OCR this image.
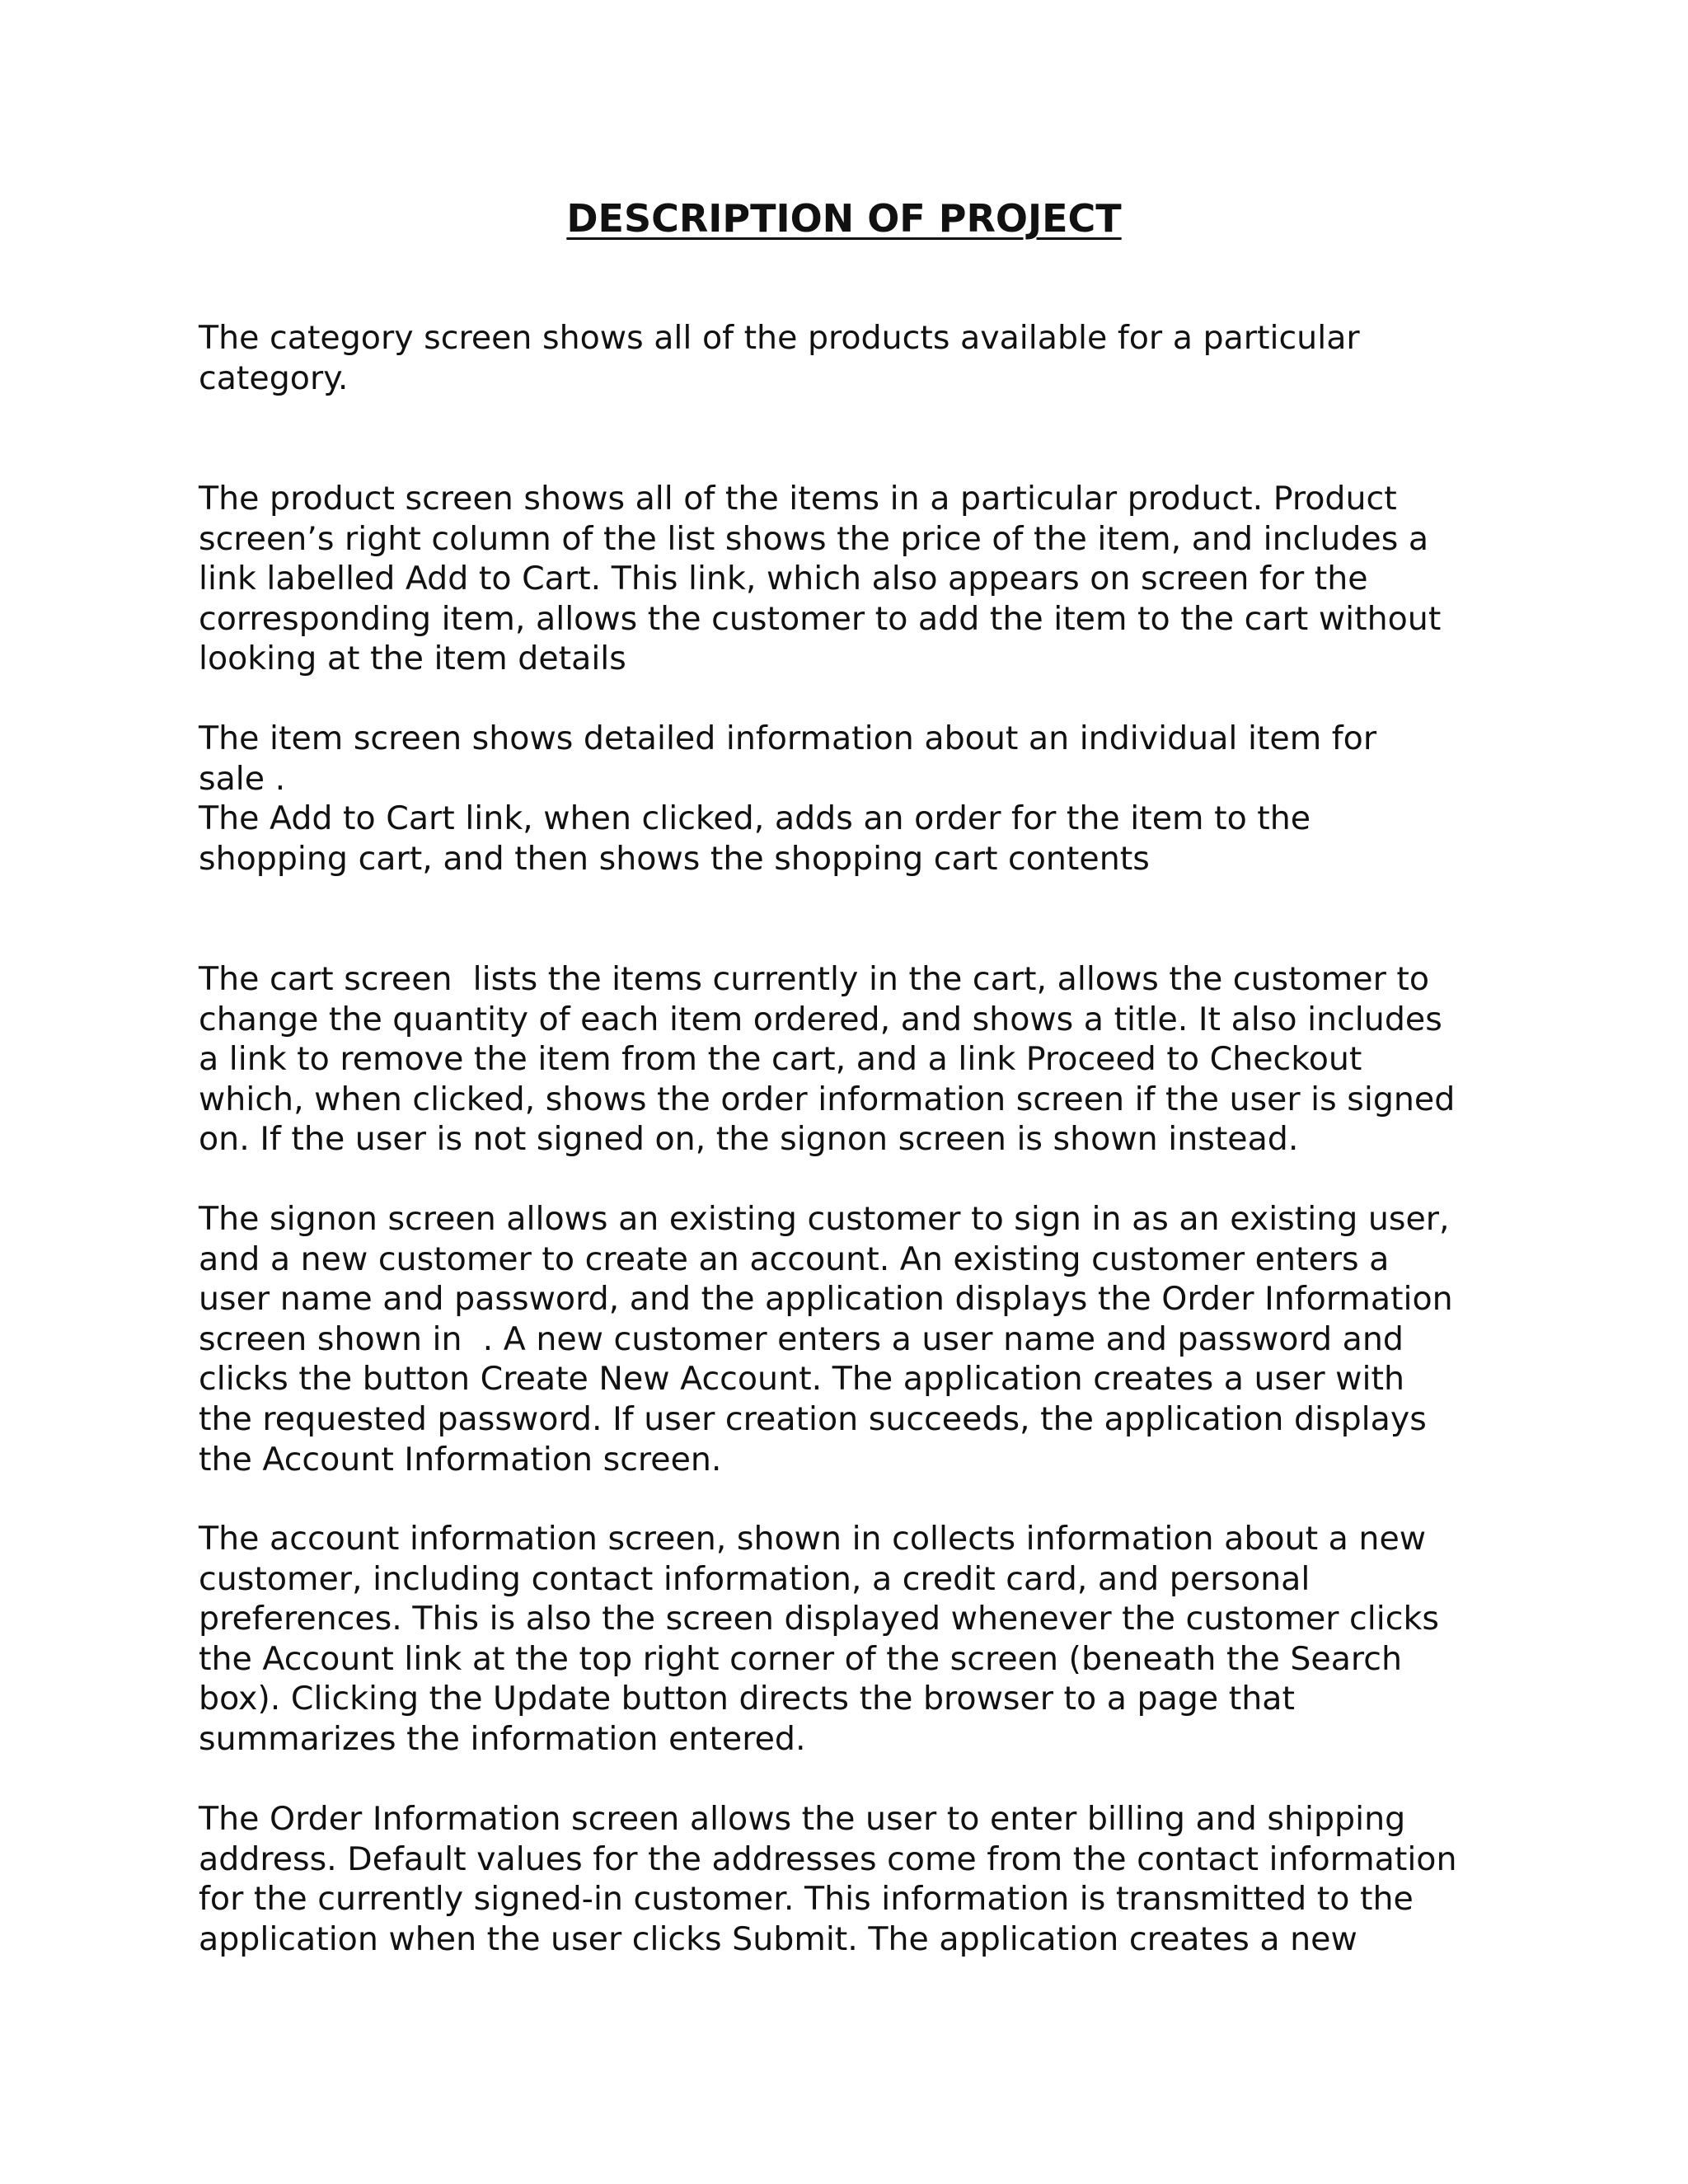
DESCRIPTION OF PROJECT

The category screen shows all of the products available for a particular
category.

The product screen shows all of the items in a particular product. Product
screen’s right column of the list shows the price of the item, and includes a
link labelled Add to Cart. This link, which also appears on screen for the
corresponding item, allows the customer to add the item to the cart without
looking at the item details

The item screen shows detailed information about an individual item for
sale .
The Add to Cart link, when clicked, adds an order for the item to the
shopping cart, and then shows the shopping cart contents

The cart screen  lists the items currently in the cart, allows the customer to
change the quantity of each item ordered, and shows a title. It also includes
a link to remove the item from the cart, and a link Proceed to Checkout
which, when clicked, shows the order information screen if the user is signed
on. If the user is not signed on, the signon screen is shown instead.

The signon screen allows an existing customer to sign in as an existing user,
and a new customer to create an account. An existing customer enters a
user name and password, and the application displays the Order Information
screen shown in  . A new customer enters a user name and password and
clicks the button Create New Account. The application creates a user with
the requested password. If user creation succeeds, the application displays
the Account Information screen.

The account information screen, shown in collects information about a new
customer, including contact information, a credit card, and personal
preferences. This is also the screen displayed whenever the customer clicks
the Account link at the top right corner of the screen (beneath the Search
box). Clicking the Update button directs the browser to a page that
summarizes the information entered.

The Order Information screen allows the user to enter billing and shipping
address. Default values for the addresses come from the contact information
for the currently signed-in customer. This information is transmitted to the
application when the user clicks Submit. The application creates a new
